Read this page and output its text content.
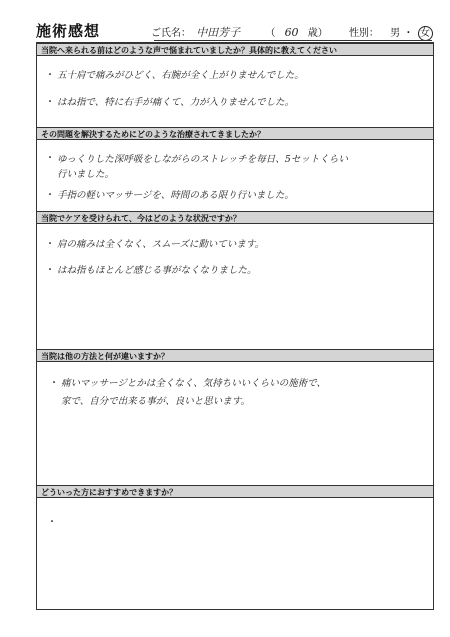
施術感想	ご氏名： 中田芳子	（ 60 歳） 性別： 男 ・ 女
当院へ来られる前はどのような声で悩まれていましたか？具体的に教えてください
・ 五十肩で痛みがひどく、右腕が全く上がりませんでした。
・ はね指で、特に右手が痛くて、力が入りませんでした。
その問題を解決するためにどのような治療されてきましたか？
・ ゆっくりした深呼吸をしながらのストレッチを毎日、5セットくらい
行いました。
・ 手指の軽いマッサージを、時間のある限り行いました。
当院でケアを受けられて、今はどのような状況ですか？
・ 肩の痛みは全くなく、スムーズに動いています。
・ はね指もほとんど感じる事がなくなりました。
当院は他の方法と何が違いますか？
・ 痛いマッサージとかは全くなく、気持ちいいくらいの施術で、
家で、自分で出来る事が、良いと思います。
どういった方におすすめできますか？
・
